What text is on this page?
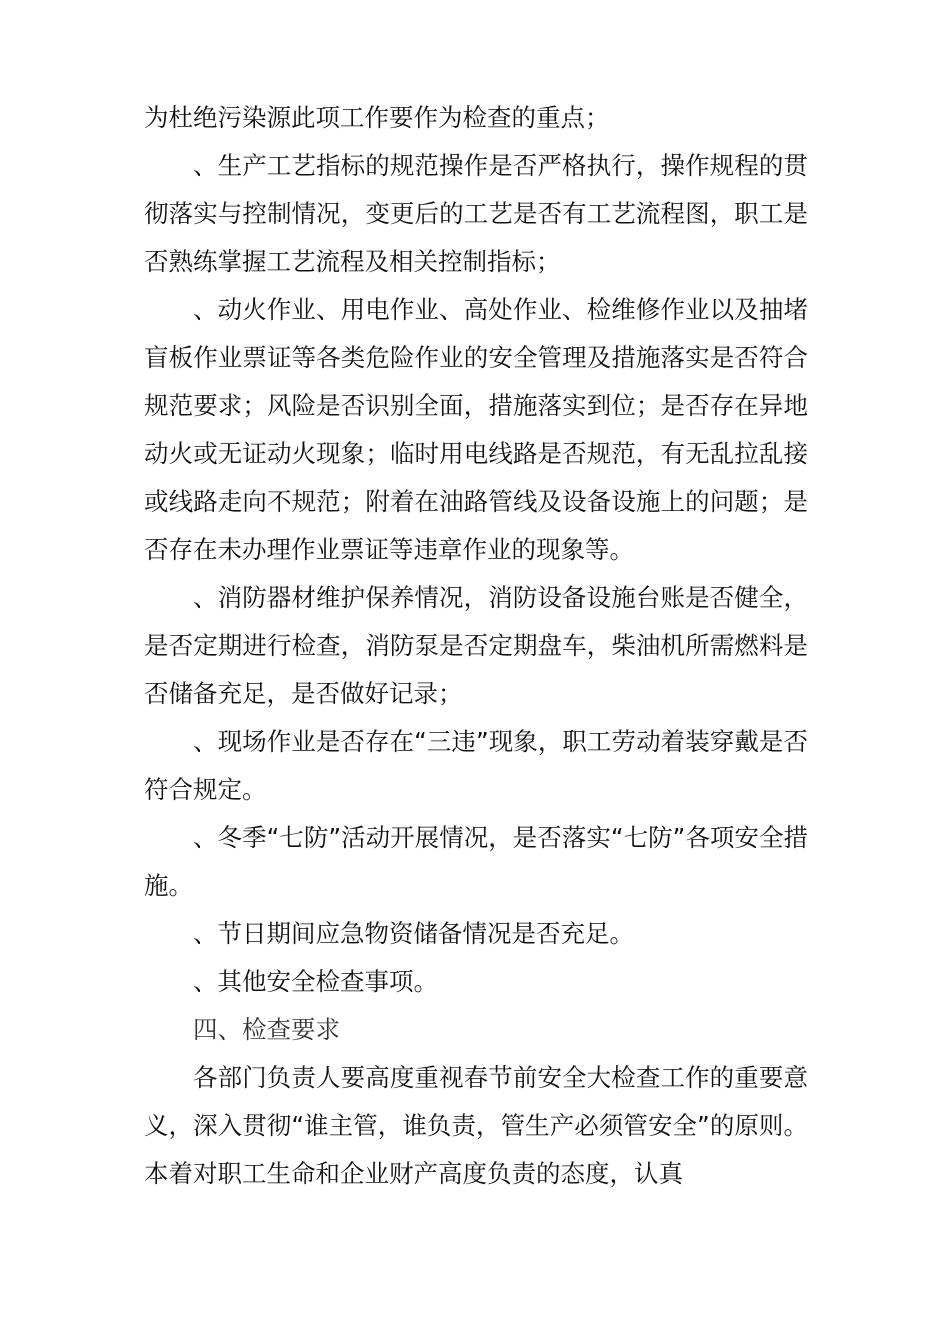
为杜绝污染源此项工作要作为检查的重点；

、生产工艺指标的规范操作是否严格执行，操作规程的贯彻落实与控制情况，变更后的工艺是否有工艺流程图，职工是否熟练掌握工艺流程及相关控制指标；

、动火作业、用电作业、高处作业、检维修作业以及抽堵盲板作业票证等各类危险作业的安全管理及措施落实是否符合规范要求；风险是否识别全面，措施落实到位；是否存在异地动火或无证动火现象；临时用电线路是否规范，有无乱拉乱接或线路走向不规范；附着在油路管线及设备设施上的问题；是否存在未办理作业票证等违章作业的现象等。

、消防器材维护保养情况，消防设备设施台账是否健全，是否定期进行检查，消防泵是否定期盘车，柴油机所需燃料是否储备充足，是否做好记录；

、现场作业是否存在“三违”现象，职工劳动着装穿戴是否符合规定。

、冬季“七防”活动开展情况，是否落实“七防”各项安全措施。

、节日期间应急物资储备情况是否充足。

、其他安全检查事项。

四、检查要求

各部门负责人要高度重视春节前安全大检查工作的重要意义，深入贯彻“谁主管，谁负责，管生产必须管安全”的原则。本着对职工生命和企业财产高度负责的态度，认真
